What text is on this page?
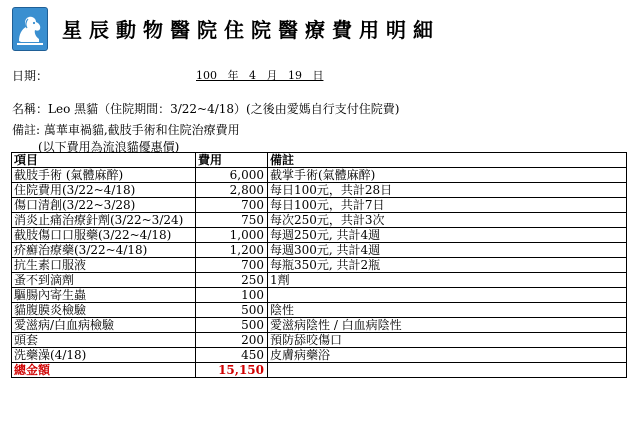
星辰動物醫院住院醫療費用明細
日期：	100   年   4   月   19   日
名稱：Leo 黑貓（住院期間：3/22~4/18）(之後由愛媽自行支付住院費)
備註: 萬華車禍貓,截肢手術和住院治療費用
(以下費用為流浪貓優惠價)
項目	費用	備註
截肢手術 (氣體麻醉)	6,000	截掌手術(氣體麻醉)
住院費用(3/22~4/18)	2,800	每日100元，共計28日
傷口清創(3/22~3/28)	700	每日100元，共計7日
消炎止痛治療針劑(3/22~3/24)	750	每次250元，共計3次
截肢傷口口服藥(3/22~4/18)	1,000	每週250元, 共計4週
疥癬治療藥(3/22~4/18)	1,200	每週300元, 共計4週
抗生素口服液	700	每瓶350元, 共計2瓶
蚤不到滴劑	250	1劑
驅腸內寄生蟲	100	
貓腹膜炎檢驗	500	陰性
愛滋病/白血病檢驗	500	愛滋病陰性 / 白血病陰性
頭套	200	預防舔咬傷口
洗藥澡(4/18)	450	皮膚病藥浴
總金額	15,150	
